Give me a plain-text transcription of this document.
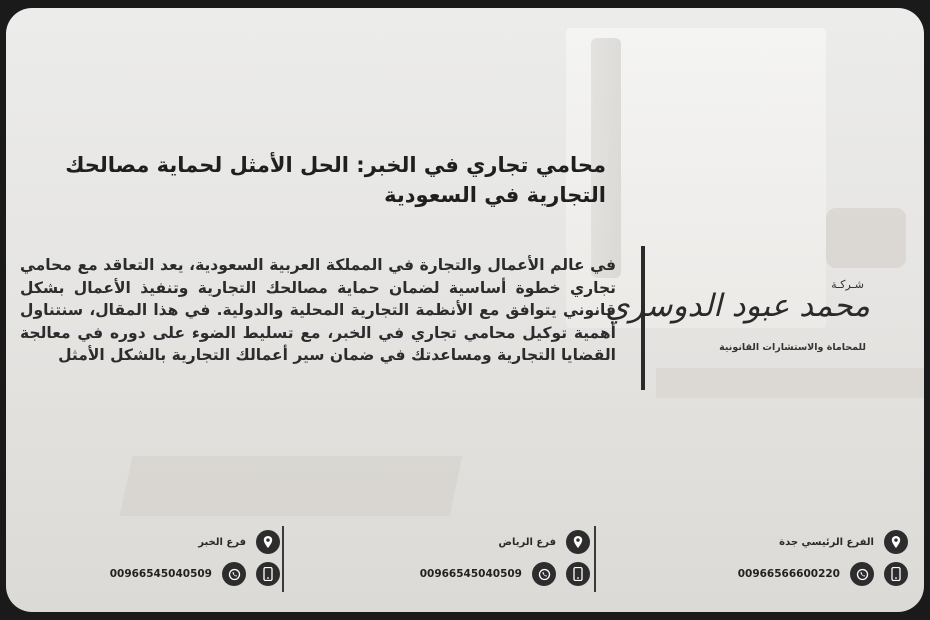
محامي تجاري في الخبر: الحل الأمثل لحماية مصالحك التجارية في السعودية
في عالم الأعمال والتجارة في المملكة العربية السعودية، يعد التعاقد مع محامي تجاري خطوة أساسية لضمان حماية مصالحك التجارية وتنفيذ الأعمال بشكل قانوني يتوافق مع الأنظمة التجارية المحلية والدولية. في هذا المقال، سنتناول أهمية توكيل محامي تجاري في الخبر، مع تسليط الضوء على دوره في معالجة القضايا التجارية ومساعدتك في ضمان سير أعمالك التجارية بالشكل الأمثل
شـركـة
محمد عبود الدوسري
للمحاماة والاستشارات القانونية
الفرع الرئيسي جدة
00966566600220
فرع الرياض
00966545040509
فرع الخبر
00966545040509
